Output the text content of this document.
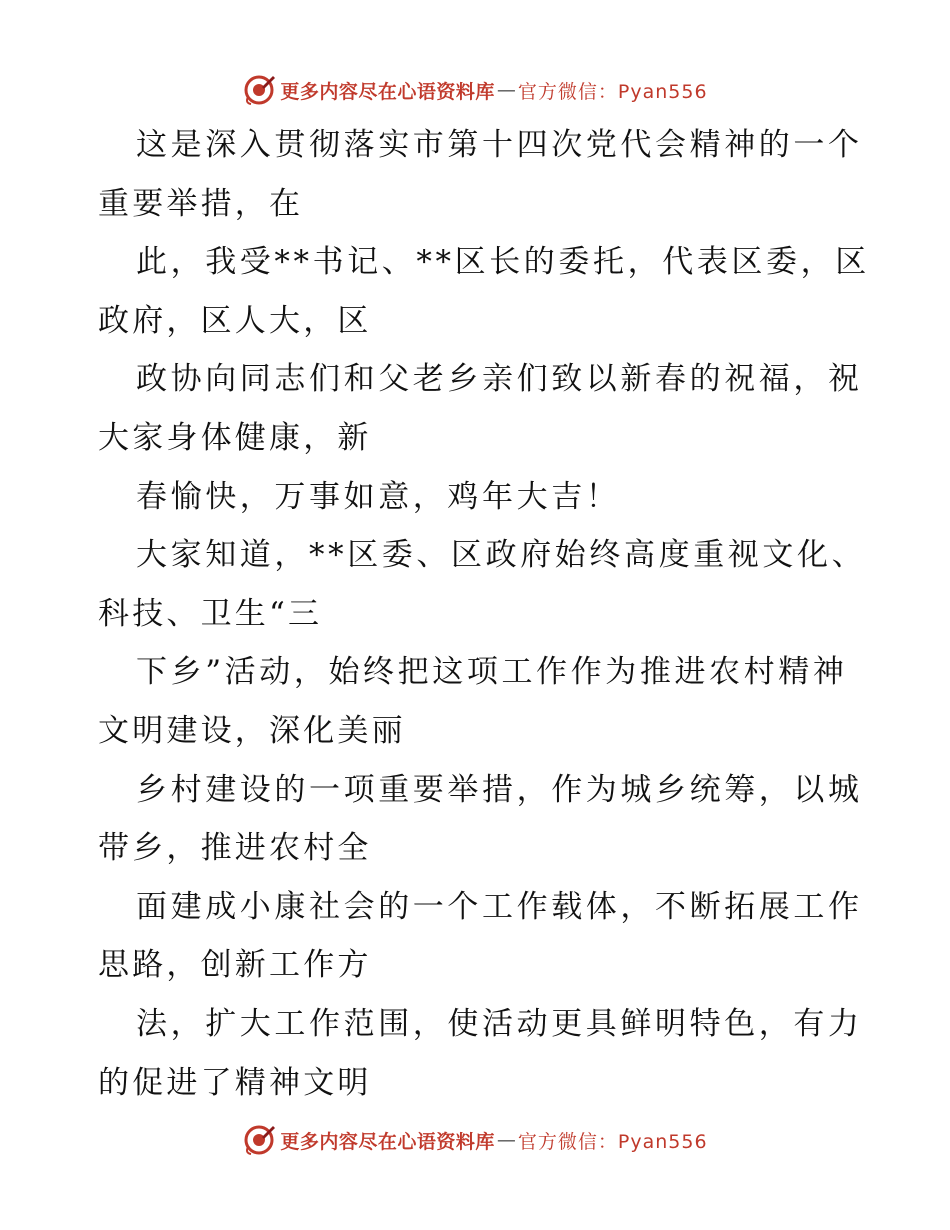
更多内容尽在心语资料库 — 官方微信：Pyan556
这是深入贯彻落实市第十四次党代会精神的一个
重要举措，在
此，我受**书记、**区长的委托，代表区委，区
政府，区人大，区
政协向同志们和父老乡亲们致以新春的祝福，祝
大家身体健康，新
春愉快，万事如意，鸡年大吉！
大家知道，**区委、区政府始终高度重视文化、
科技、卫生“三
下乡”活动，始终把这项工作作为推进农村精神
文明建设，深化美丽
乡村建设的一项重要举措，作为城乡统筹，以城
带乡，推进农村全
面建成小康社会的一个工作载体，不断拓展工作
思路，创新工作方
法，扩大工作范围，使活动更具鲜明特色，有力
的促进了精神文明
更多内容尽在心语资料库 — 官方微信：Pyan556
